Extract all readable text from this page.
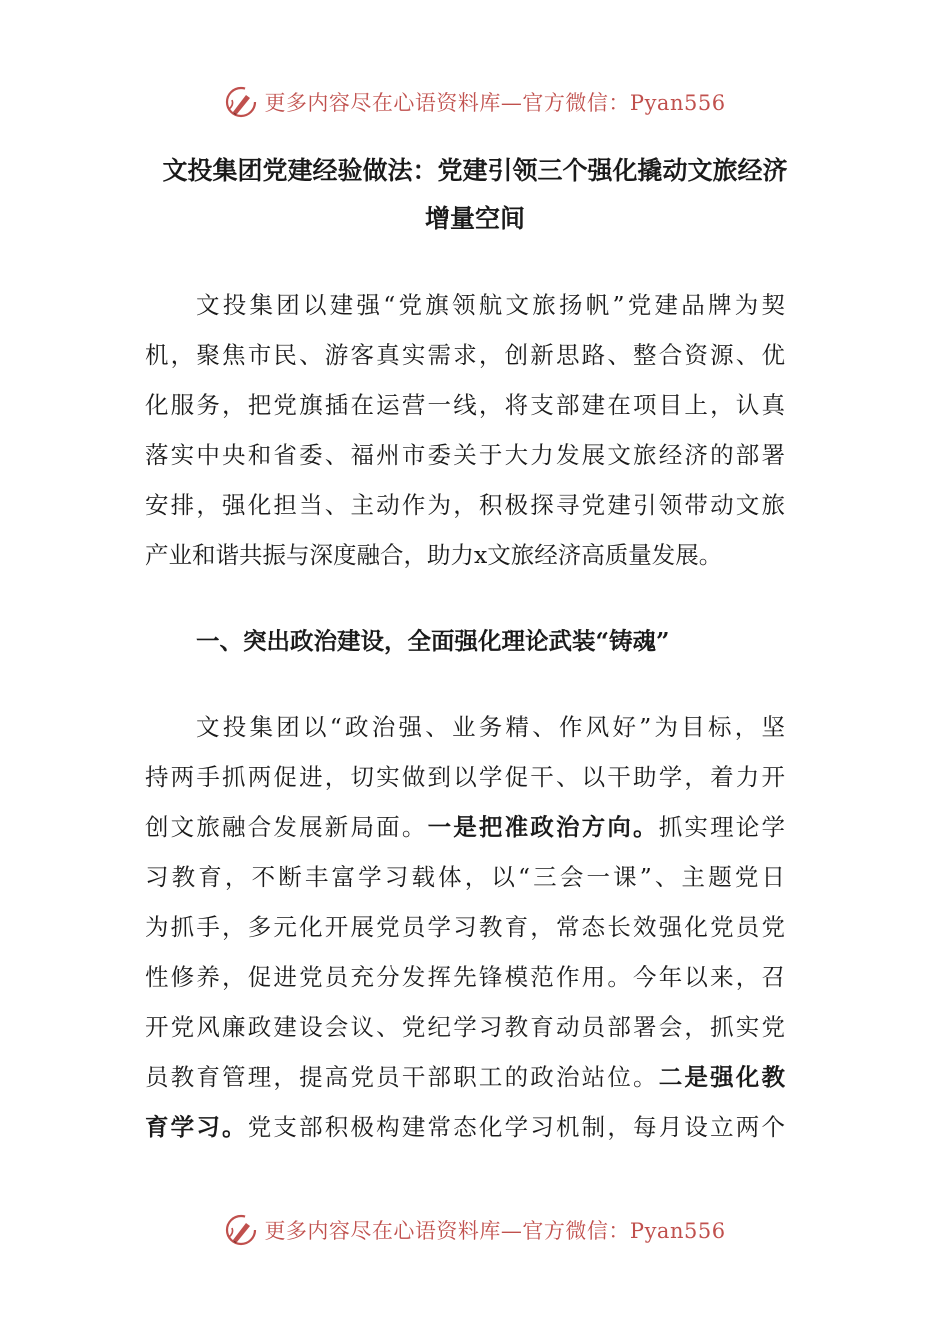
更多内容尽在心语资料库—官方微信：Pyan556
文投集团党建经验做法：党建引领三个强化撬动文旅经济
增量空间
文投集团以建强“党旗领航文旅扬帆”党建品牌为契
机，聚焦市民、游客真实需求，创新思路、整合资源、优
化服务，把党旗插在运营一线，将支部建在项目上，认真
落实中央和省委、福州市委关于大力发展文旅经济的部署
安排，强化担当、主动作为，积极探寻党建引领带动文旅
产业和谐共振与深度融合，助力x文旅经济高质量发展。
一、突出政治建设，全面强化理论武装“铸魂”
文投集团以“政治强、业务精、作风好”为目标，坚
持两手抓两促进，切实做到以学促干、以干助学，着力开
创文旅融合发展新局面。一是把准政治方向。抓实理论学
习教育，不断丰富学习载体，以“三会一课”、主题党日
为抓手，多元化开展党员学习教育，常态长效强化党员党
性修养，促进党员充分发挥先锋模范作用。今年以来，召
开党风廉政建设会议、党纪学习教育动员部署会，抓实党
员教育管理，提高党员干部职工的政治站位。二是强化教
育学习。党支部积极构建常态化学习机制，每月设立两个
更多内容尽在心语资料库—官方微信：Pyan556
